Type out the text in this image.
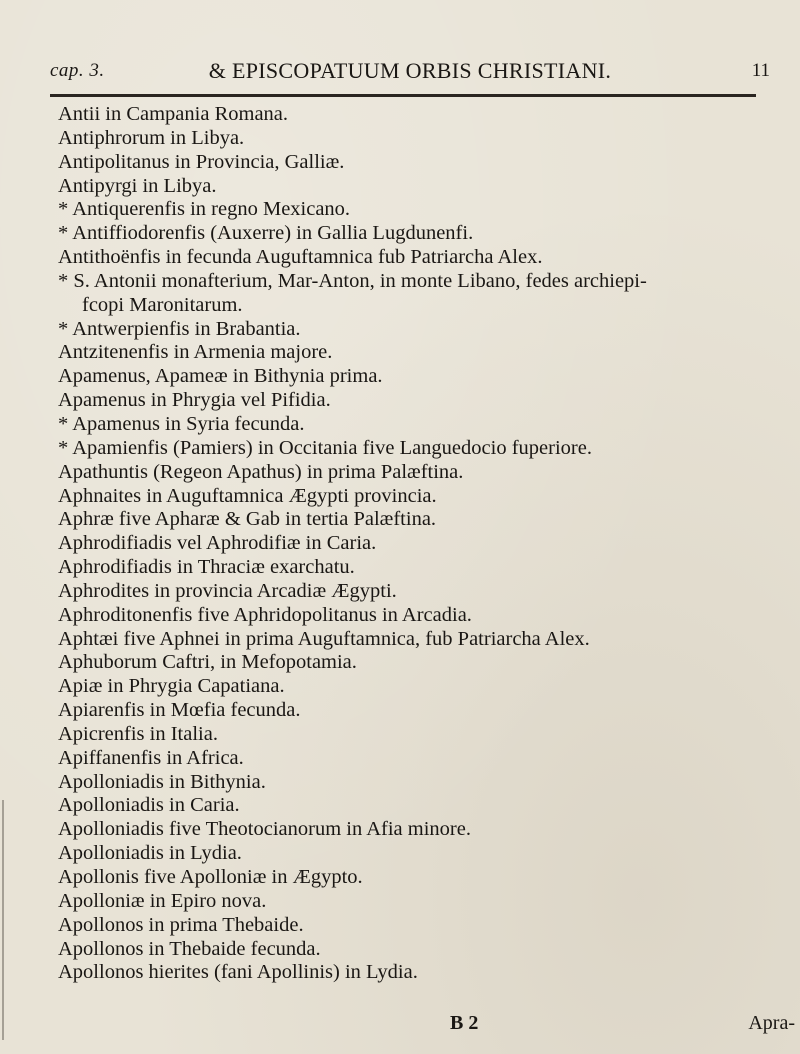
cap. 3.	& EPISCOPATUUM ORBIS CHRISTIANI.	11
Antii in Campania Romana.
Antiphrorum in Libya.
Antipolitanus in Provincia, Galliæ.
Antipyrgi in Libya.
* Antiquerenfis in regno Mexicano.
* Antiffiodorenfis (Auxerre) in Gallia Lugdunenfi.
Antithoënfis in fecunda Auguftamnica fub Patriarcha Alex.
* S. Antonii monafterium, Mar-Anton, in monte Libano, fedes archiepi-
fcopi Maronitarum.
* Antwerpienfis in Brabantia.
Antzitenenfis in Armenia majore.
Apamenus, Apameæ in Bithynia prima.
Apamenus in Phrygia vel Pifidia.
* Apamenus in Syria fecunda.
* Apamienfis (Pamiers) in Occitania five Languedocio fuperiore.
Apathuntis (Regeon Apathus) in prima Palæftina.
Aphnaites in Auguftamnica Ægypti provincia.
Aphræ five Apharæ & Gab in tertia Palæftina.
Aphrodifiadis vel Aphrodifiæ in Caria.
Aphrodifiadis in Thraciæ exarchatu.
Aphrodites in provincia Arcadiæ Ægypti.
Aphroditonenfis five Aphridopolitanus in Arcadia.
Aphtæi five Aphnei in prima Auguftamnica, fub Patriarcha Alex.
Aphuborum Caftri, in Mefopotamia.
Apiæ in Phrygia Capatiana.
Apiarenfis in Mœfia fecunda.
Apicrenfis in Italia.
Apiffanenfis in Africa.
Apolloniadis in Bithynia.
Apolloniadis in Caria.
Apolloniadis five Theotocianorum in Afia minore.
Apolloniadis in Lydia.
Apollonis five Apolloniæ in Ægypto.
Apolloniæ in Epiro nova.
Apollonos in prima Thebaide.
Apollonos in Thebaide fecunda.
Apollonos hierites (fani Apollinis) in Lydia.
B 2	Apra-
